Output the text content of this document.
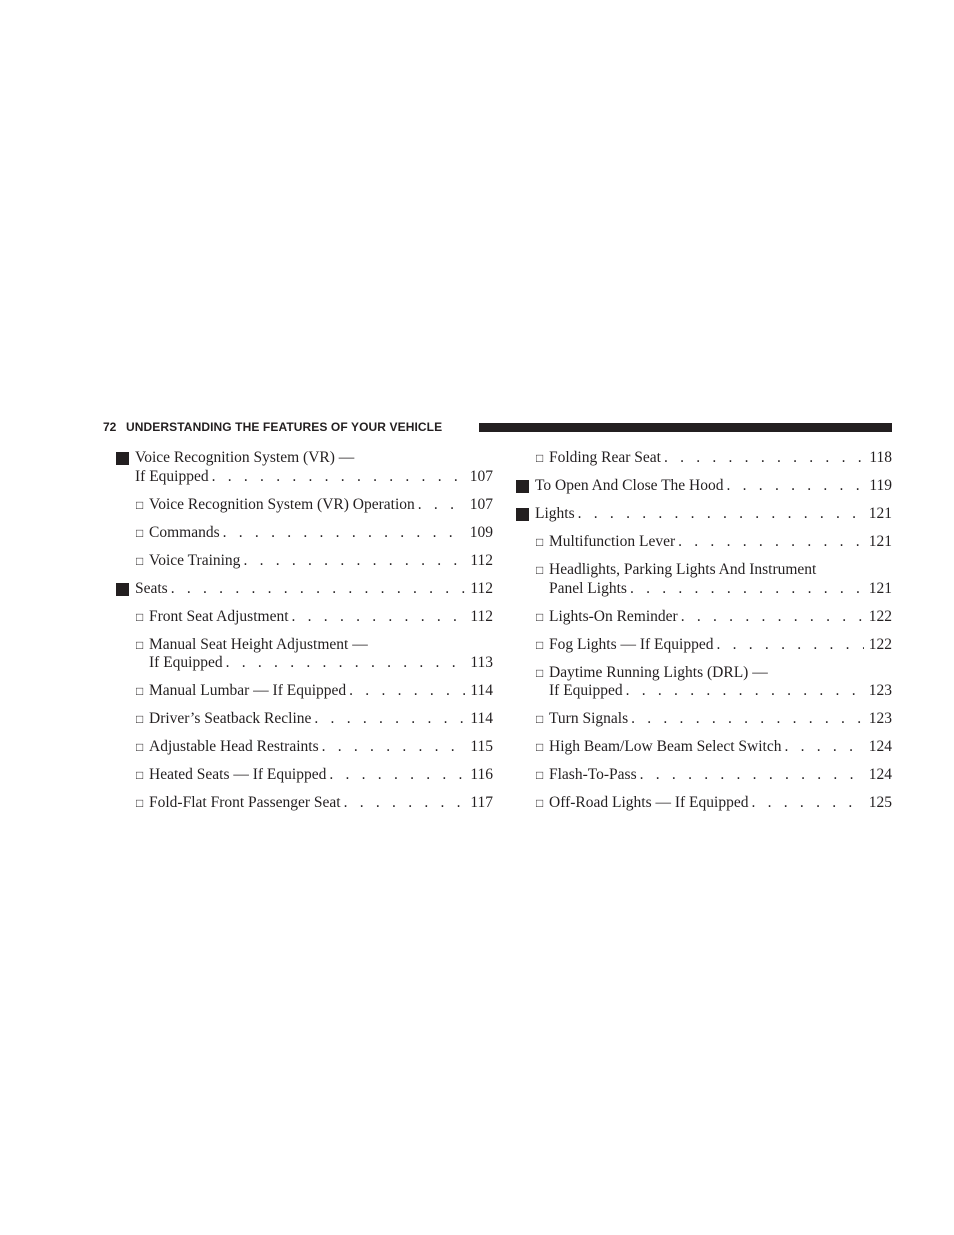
72 UNDERSTANDING THE FEATURES OF YOUR VEHICLE
Voice Recognition System (VR) —
If Equipped . . .	107
□ Voice Recognition System (VR) Operation . . .	107
□ Commands . . .	109
□ Voice Training . . .	112
Seats . . .	112
□ Front Seat Adjustment . . .	112
□ Manual Seat Height Adjustment —
If Equipped . . .	113
□ Manual Lumbar — If Equipped . . .	114
□ Driver’s Seatback Recline . . .	114
□ Adjustable Head Restraints . . .	115
□ Heated Seats — If Equipped . . .	116
□ Fold-Flat Front Passenger Seat . . .	117
□ Folding Rear Seat . . .	118
To Open And Close The Hood . . .	119
Lights . . .	121
□ Multifunction Lever . . .	121
□ Headlights, Parking Lights And Instrument
Panel Lights . . .	121
□ Lights-On Reminder . . .	122
□ Fog Lights — If Equipped . . .	122
□ Daytime Running Lights (DRL) —
If Equipped . . .	123
□ Turn Signals . . .	123
□ High Beam/Low Beam Select Switch . . .	124
□ Flash-To-Pass . . .	124
□ Off-Road Lights — If Equipped . . .	125
